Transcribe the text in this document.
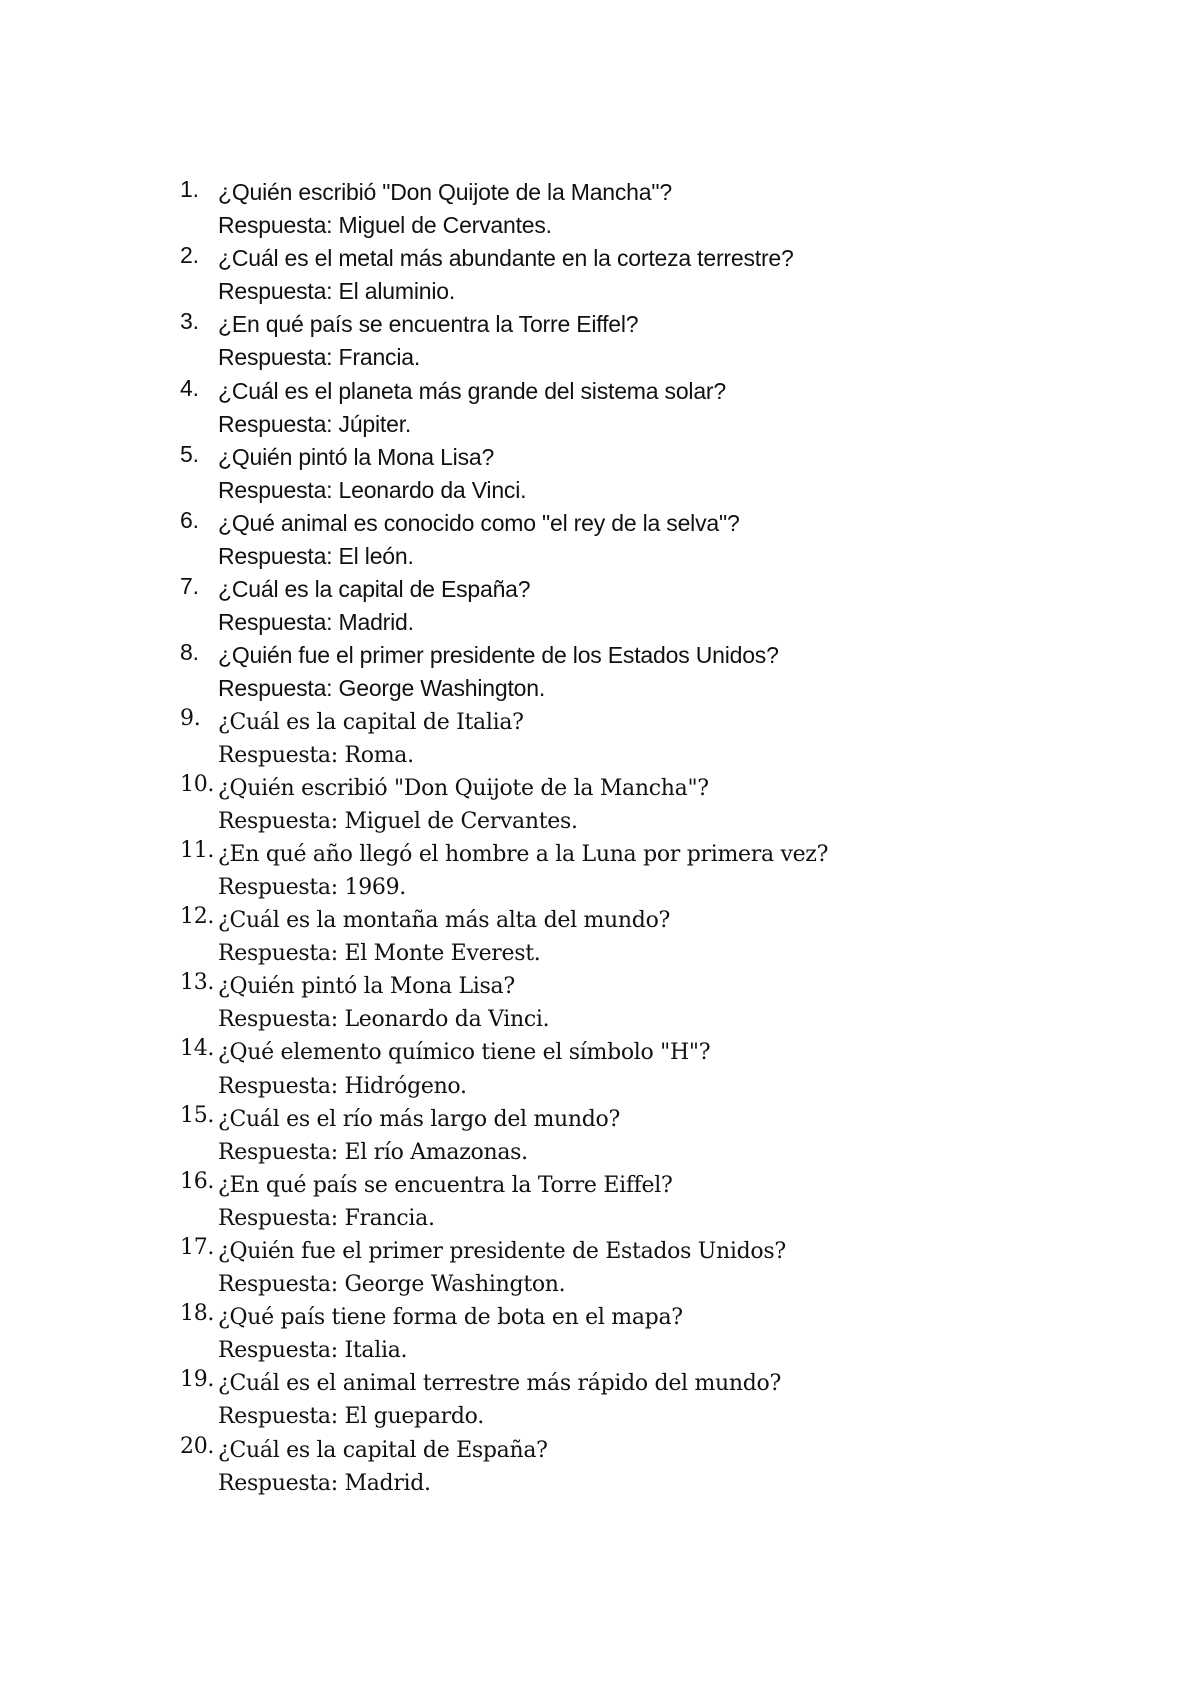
1. ¿Quién escribió "Don Quijote de la Mancha"?
Respuesta: Miguel de Cervantes.
2. ¿Cuál es el metal más abundante en la corteza terrestre?
Respuesta: El aluminio.
3. ¿En qué país se encuentra la Torre Eiffel?
Respuesta: Francia.
4. ¿Cuál es el planeta más grande del sistema solar?
Respuesta: Júpiter.
5. ¿Quién pintó la Mona Lisa?
Respuesta: Leonardo da Vinci.
6. ¿Qué animal es conocido como "el rey de la selva"?
Respuesta: El león.
7. ¿Cuál es la capital de España?
Respuesta: Madrid.
8. ¿Quién fue el primer presidente de los Estados Unidos?
Respuesta: George Washington.
9. ¿Cuál es la capital de Italia?
Respuesta: Roma.
10. ¿Quién escribió "Don Quijote de la Mancha"?
Respuesta: Miguel de Cervantes.
11. ¿En qué año llegó el hombre a la Luna por primera vez?
Respuesta: 1969.
12. ¿Cuál es la montaña más alta del mundo?
Respuesta: El Monte Everest.
13. ¿Quién pintó la Mona Lisa?
Respuesta: Leonardo da Vinci.
14. ¿Qué elemento químico tiene el símbolo "H"?
Respuesta: Hidrógeno.
15. ¿Cuál es el río más largo del mundo?
Respuesta: El río Amazonas.
16. ¿En qué país se encuentra la Torre Eiffel?
Respuesta: Francia.
17. ¿Quién fue el primer presidente de Estados Unidos?
Respuesta: George Washington.
18. ¿Qué país tiene forma de bota en el mapa?
Respuesta: Italia.
19. ¿Cuál es el animal terrestre más rápido del mundo?
Respuesta: El guepardo.
20. ¿Cuál es la capital de España?
Respuesta: Madrid.
